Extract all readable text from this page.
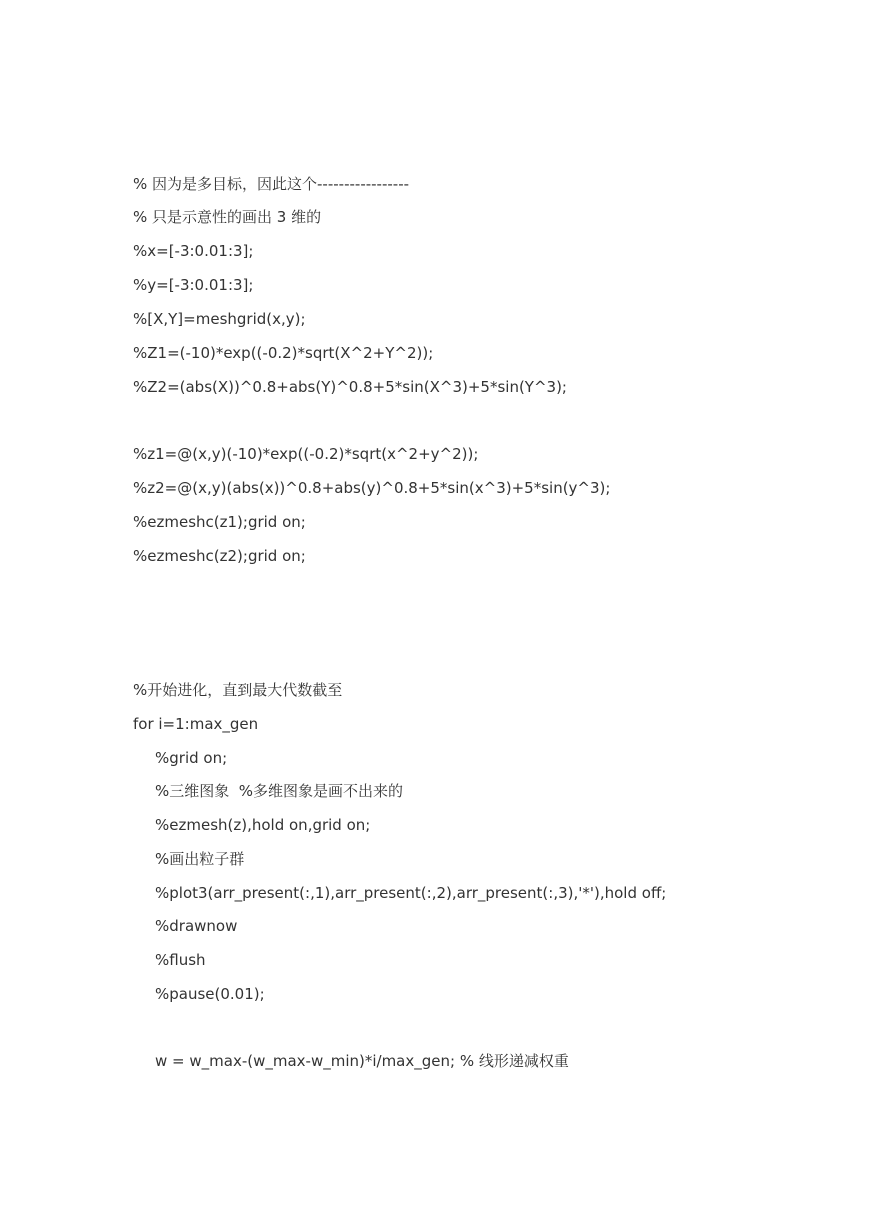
% 因为是多目标，因此这个-----------------
% 只是示意性的画出 3 维的
%x=[-3:0.01:3];
%y=[-3:0.01:3];
%[X,Y]=meshgrid(x,y);
%Z1=(-10)*exp((-0.2)*sqrt(X^2+Y^2));
%Z2=(abs(X))^0.8+abs(Y)^0.8+5*sin(X^3)+5*sin(Y^3);
%z1=@(x,y)(-10)*exp((-0.2)*sqrt(x^2+y^2));
%z2=@(x,y)(abs(x))^0.8+abs(y)^0.8+5*sin(x^3)+5*sin(y^3);
%ezmeshc(z1);grid on;
%ezmeshc(z2);grid on;
%开始进化，直到最大代数截至
for i=1:max_gen
%grid on;
%三维图象  %多维图象是画不出来的
%ezmesh(z),hold on,grid on;
%画出粒子群
%plot3(arr_present(:,1),arr_present(:,2),arr_present(:,3),'*'),hold off;
%drawnow
%flush
%pause(0.01);
w = w_max-(w_max-w_min)*i/max_gen; % 线形递减权重
